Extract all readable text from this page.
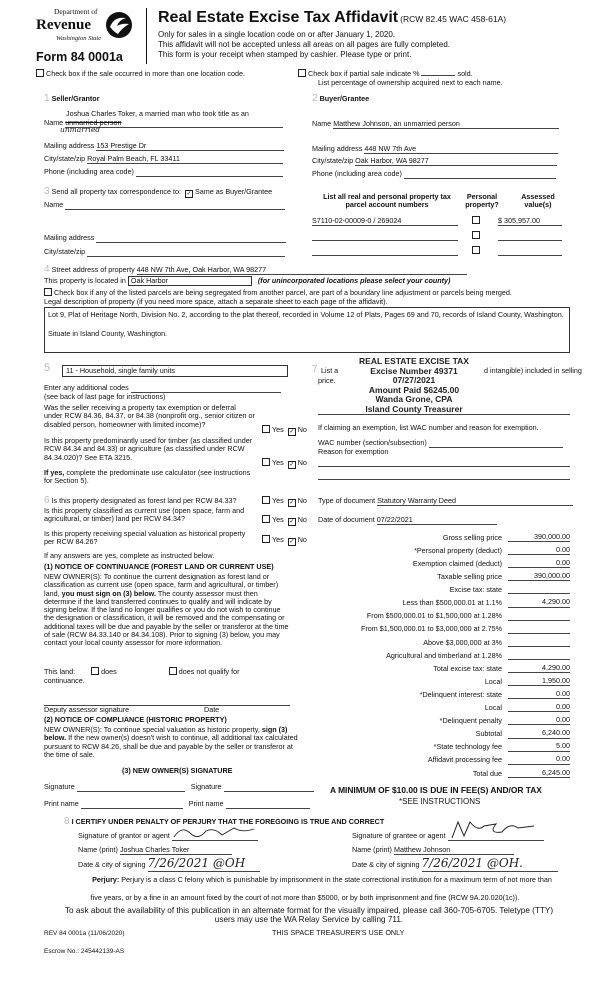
Department of
Revenue
Washington State
Form 84 0001a
Real Estate Excise Tax Affidavit (RCW 82.45 WAC 458-61A)
Only for sales in a single location code on or after January 1, 2020.
This affidavit will not be accepted unless all areas on all pages are fully completed.
This form is your receipt when stamped by cashier. Please type or print.
Check box if the sale occurred in more than one location code.	Check box if partial sale indicate %	sold.
List percentage of ownership acquired next to each name.
1 Seller/Grantor
Joshua Charles Toker, a married man who took title as an
Name unmarried person
unmarried
Mailing address 153 Prestige Dr
City/state/zip Royal Palm Beach, FL 33411
Phone (including area code)
2 Buyer/Grantee
Name Matthew Johnson, an unmarried person
Mailing address 448 NW 7th Ave
City/state/zip Oak Harbor, WA 98277
Phone (including area code)
3 Send all property tax correspondence to: ✓ Same as Buyer/Grantee
Name
Mailing address
City/state/zip
List all real and personal property tax parcel account numbers
Personal property?
Assessed value(s)
S7110-02-00009-0 / 269024	$ 305,957.00

4 Street address of property 448 NW 7th Ave, Oak Harbor, WA 98277
This property is located in Oak Harbor	(for unincorporated locations please select your county)
Check box if any of the listed parcels are being segregated from another parcel, are part of a boundary line adjustment or parcels being merged.
Legal description of property (if you need more space, attach a separate sheet to each page of the affidavit).
Lot 9, Plat of Heritage North, Division No. 2, according to the plat thereof, recorded in Volume 12 of Plats, Pages 69 and 70, records of Island County, Washington.
Situate in Island County, Washington.
5	11 - Household, single family units
Enter any additional codes
(see back of last page for instructions)
Was the seller receiving a property tax exemption or deferral under RCW 84.36, 84.37, or 84.38 (nonprofit org., senior citizen or disabled person, homeowner with limited income)?
Yes ✓ No
Is this property predominantly used for timber (as classified under RCW 84.34 and 84.33) or agriculture (as classified under RCW 84.34.020)? See ETA 3215.
Yes ✓ No
If yes, complete the predominate use calculator (see instructions for Section 5).
6 Is this property designated as forest land per RCW 84.33?	Yes ✓ No
Is this property classified as current use (open space, farm and agricultural, or timber) land per RCW 84.34?	Yes ✓ No
Is this property receiving special valuation as historical property per RCW 84.26?	Yes ✓ No
If any answers are yes, complete as instructed below.
(1) NOTICE OF CONTINUANCE (FOREST LAND OR CURRENT USE)
NEW OWNER(S): To continue the current designation as forest land or classification as current use (open space, farm and agricultural, or timber) land, you must sign on (3) below. The county assessor must then determine if the land transferred continues to qualify and will indicate by signing below. If the land no longer qualifies or you do not wish to continue the designation or classification, it will be removed and the compensating or additional taxes will be due and payable by the seller or transferor at the time of sale (RCW 84.33.140 or 84.34.108). Prior to signing (3) below, you may contact your local county assessor for more information.
This land:	does	does not qualify for
continuance.
Deputy assessor signature	Date
(2) NOTICE OF COMPLIANCE (HISTORIC PROPERTY)
NEW OWNER(S): To continue special valuation as historic property, sign (3) below. If the new owner(s) doesn't wish to continue, all additional tax calculated pursuant to RCW 84.26, shall be due and payable by the seller or transferor at the time of sale.
(3) NEW OWNER(S) SIGNATURE
Signature	Signature
Print name	Print name
7 List a
price.
d intangible) included in selling
REAL ESTATE EXCISE TAX
Excise Number 49371
07/27/2021
Amount Paid $6245.00
Wanda Grone, CPA
Island County Treasurer
If claiming an exemption, list WAC number and reason for exemption.
WAC number (section/subsection)
Reason for exemption
Type of document Statutory Warranty Deed
Date of document 07/22/2021
Gross selling price	390,000.00
*Personal property (deduct)	0.00
Exemption claimed (deduct)	0.00
Taxable selling price	390,000.00
Excise tax: state
Less than $500,000.01 at 1.1%	4,290.00
From $500,000.01 to $1,500,000 at 1.28%
From $1,500,000.01 to $3,000,000 at 2.75%
Above $3,000,000 at 3%
Agricultural and timberland at 1.28%
Total excise tax: state	4,290.00
Local	1,950.00
*Delinquent interest: state	0.00
Local	0.00
*Delinquent penalty	0.00
Subtotal	6,240.00
*State technology fee	5.00
Affidavit processing fee	0.00
Total due	6,245.00
A MINIMUM OF $10.00 IS DUE IN FEE(S) AND/OR TAX
*SEE INSTRUCTIONS
8 I CERTIFY UNDER PENALTY OF PERJURY THAT THE FOREGOING IS TRUE AND CORRECT
Signature of grantor or agent	Signature of grantee or agent
Name (print) Joshua Charles Toker	Name (print) Matthew Johnson
Date & city of signing 7/26/2021 @OH	Date & city of signing 7/26/2021 @OH.
Perjury: Perjury is a class C felony which is punishable by imprisonment in the state correctional institution for a maximum term of not more than
five years, or by a fine in an amount fixed by the court of not more than $5000, or by both imprisonment and fine (RCW 9A.20.020(1c)).
To ask about the availability of this publication in an alternate format for the visually impaired, please call 360-705-6705. Teletype (TTY) users may use the WA Relay Service by calling 711.
REV 84 0001a (11/06/2020)	THIS SPACE TREASURER'S USE ONLY
Escrow No.: 245442139-AS
